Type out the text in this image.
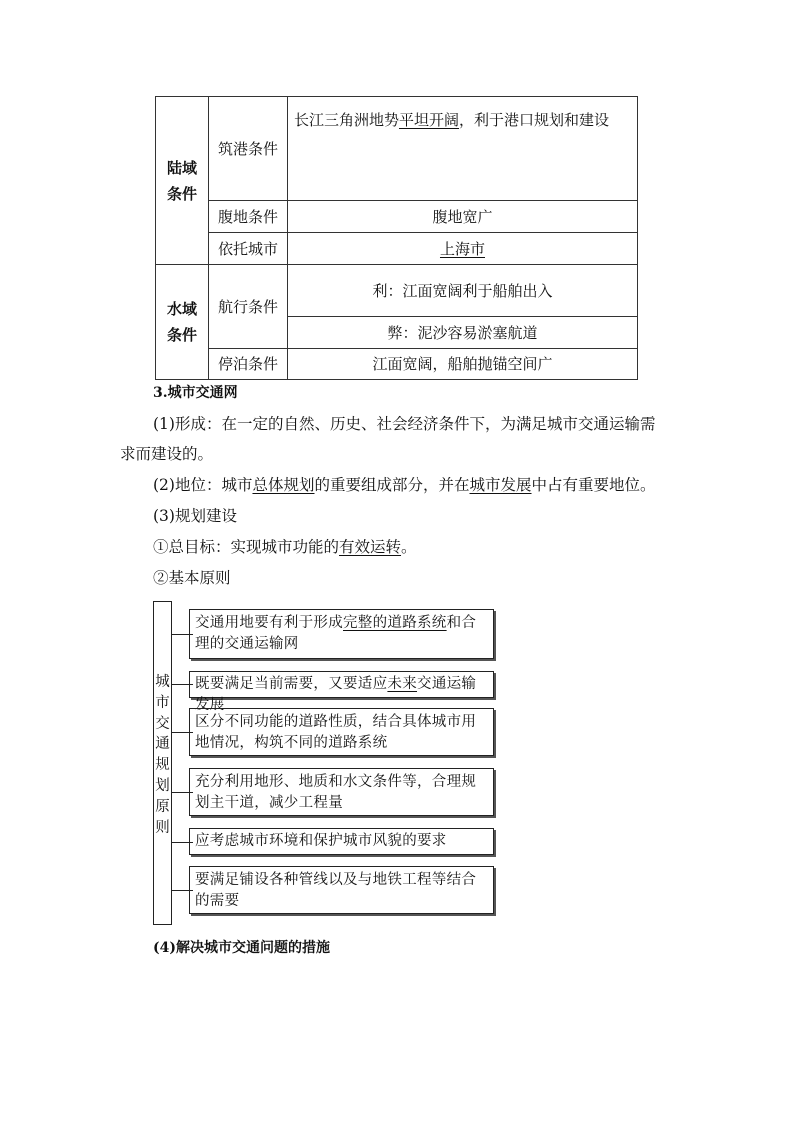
陆域
条件	筑港条件	长江三角洲地势平坦开阔，利于港口规划和建设
	腹地条件	腹地宽广
	依托城市	上海市

水域
条件	航行条件	利：江面宽阔利于船舶出入
		弊：泥沙容易淤塞航道
	停泊条件	江面宽阔，船舶抛锚空间广
3.城市交通网
(1)形成：在一定的自然、历史、社会经济条件下，为满足城市交通运输需
求而建设的。
(2)地位：城市总体规划的重要组成部分，并在城市发展中占有重要地位。
(3)规划建设
①总目标：实现城市功能的有效运转。
②基本原则
城
市
交
通
规
划
原
则
交通用地要有利于形成完整的道路系统和合理的交通运输网
既要满足当前需要，又要适应未来交通运输发展
区分不同功能的道路性质，结合具体城市用地情况，构筑不同的道路系统
充分利用地形、地质和水文条件等，合理规划主干道，减少工程量
应考虑城市环境和保护城市风貌的要求
要满足铺设各种管线以及与地铁工程等结合的需要
(4)解决城市交通问题的措施
